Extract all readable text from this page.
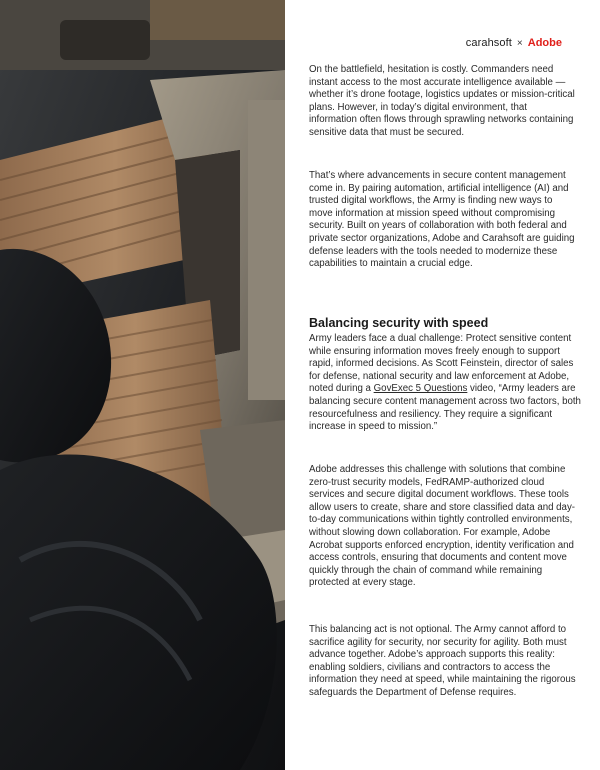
carahsoft × Adobe

On the battlefield, hesitation is costly. Commanders need instant access to the most accurate intelligence available — whether it’s drone footage, logistics updates or mission-critical plans. However, in today’s digital environment, that information often flows through sprawling networks containing sensitive data that must be secured.

That’s where advancements in secure content management come in. By pairing automation, artificial intelligence (AI) and trusted digital workflows, the Army is finding new ways to move information at mission speed without compromising security. Built on years of collaboration with both federal and private sector organizations, Adobe and Carahsoft are guiding defense leaders with the tools needed to modernize these capabilities to maintain a crucial edge.

Balancing security with speed

Army leaders face a dual challenge: Protect sensitive content while ensuring information moves freely enough to support rapid, informed decisions. As Scott Feinstein, director of sales for defense, national security and law enforcement at Adobe, noted during a GovExec 5 Questions video, “Army leaders are balancing secure content management across two factors, both resourcefulness and resiliency. They require a significant increase in speed to mission.”

Adobe addresses this challenge with solutions that combine zero-trust security models, FedRAMP-authorized cloud services and secure digital document workflows. These tools allow users to create, share and store classified data and day-to-day communications within tightly controlled environments, without slowing down collaboration. For example, Adobe Acrobat supports enforced encryption, identity verification and access controls, ensuring that documents and content move quickly through the chain of command while remaining protected at every stage.

This balancing act is not optional. The Army cannot afford to sacrifice agility for security, nor security for agility. Both must advance together. Adobe’s approach supports this reality: enabling soldiers, civilians and contractors to access the information they need at speed, while maintaining the rigorous safeguards the Department of Defense requires.
